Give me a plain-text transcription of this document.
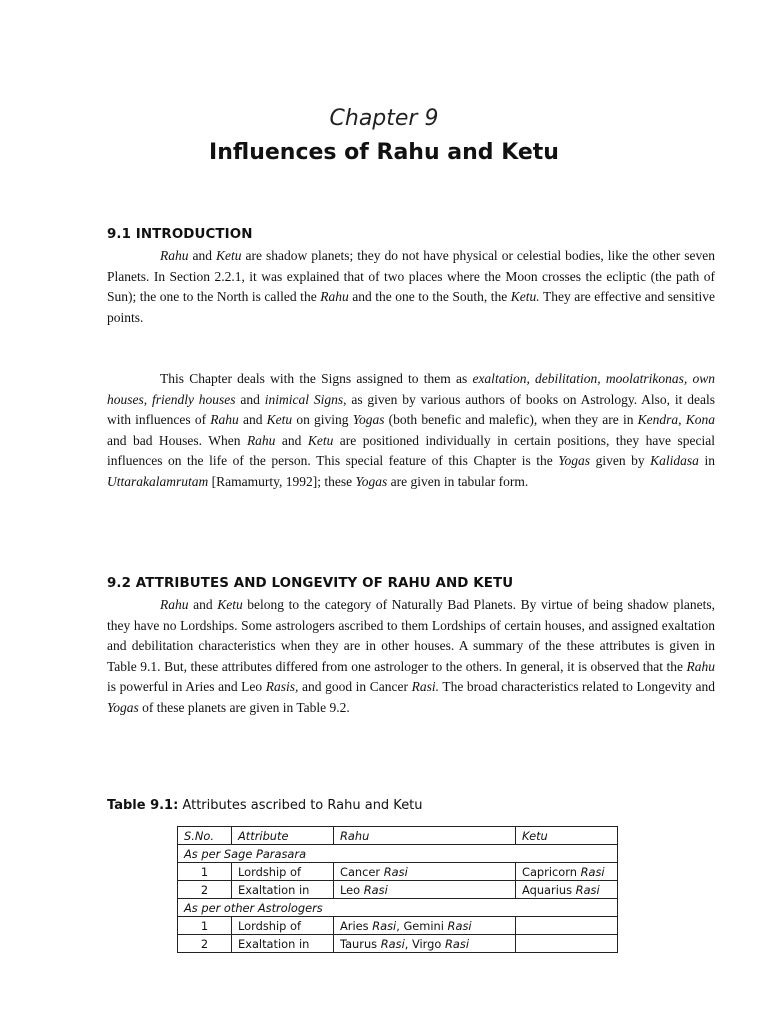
Chapter 9
Influences of Rahu and Ketu
9.1 INTRODUCTION
Rahu and Ketu are shadow planets; they do not have physical or celestial bodies, like the other seven Planets. In Section 2.2.1, it was explained that of two places where the Moon crosses the ecliptic (the path of Sun); the one to the North is called the Rahu and the one to the South, the Ketu. They are effective and sensitive points.
This Chapter deals with the Signs assigned to them as exaltation, debilitation, moolatrikonas, own houses, friendly houses and inimical Signs, as given by various authors of books on Astrology. Also, it deals with influences of Rahu and Ketu on giving Yogas (both benefic and malefic), when they are in Kendra, Kona and bad Houses. When Rahu and Ketu are positioned individually in certain positions, they have special influences on the life of the person. This special feature of this Chapter is the Yogas given by Kalidasa in Uttarakalamrutam [Ramamurty, 1992]; these Yogas are given in tabular form.
9.2 ATTRIBUTES AND LONGEVITY OF RAHU AND KETU
Rahu and Ketu belong to the category of Naturally Bad Planets. By virtue of being shadow planets, they have no Lordships. Some astrologers ascribed to them Lordships of certain houses, and assigned exaltation and debilitation characteristics when they are in other houses. A summary of the these attributes is given in Table 9.1. But, these attributes differed from one astrologer to the others. In general, it is observed that the Rahu is powerful in Aries and Leo Rasis, and good in Cancer Rasi. The broad characteristics related to Longevity and Yogas of these planets are given in Table 9.2.
Table 9.1: Attributes ascribed to Rahu and Ketu
S.No.	Attribute	Rahu	Ketu
As per Sage Parasara			
1	Lordship of	Cancer Rasi	Capricorn Rasi
2	Exaltation in	Leo Rasi	Aquarius Rasi
As per other Astrologers			
1	Lordship of	Aries Rasi, Gemini Rasi	
2	Exaltation in	Taurus Rasi, Virgo Rasi	
